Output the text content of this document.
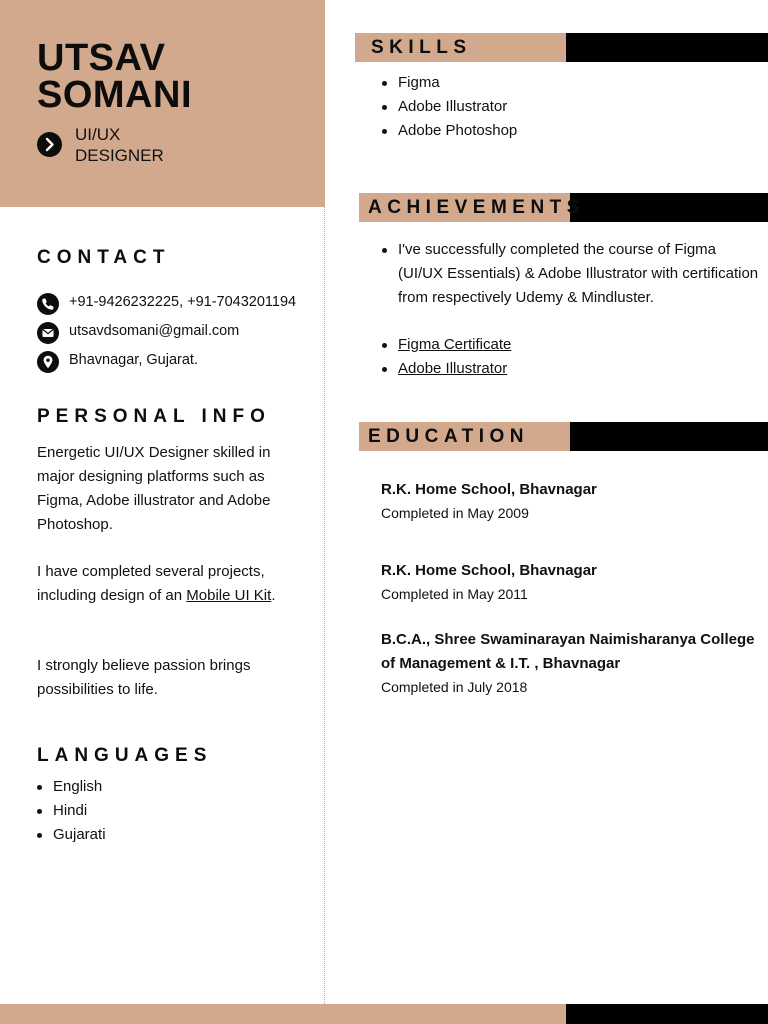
UTSAV
SOMANI
UI/UX
DESIGNER
CONTACT
+91-9426232225, +91-7043201194
utsavdsomani@gmail.com
Bhavnagar, Gujarat.
PERSONAL INFO
Energetic UI/UX Designer skilled in major designing platforms such as Figma, Adobe illustrator and Adobe Photoshop.
I have completed several projects, including design of an Mobile UI Kit.
I strongly believe passion brings possibilities to life.
LANGUAGES
English
Hindi
Gujarati
SKILLS
Figma
Adobe Illustrator
Adobe Photoshop
ACHIEVEMENTS
I've successfully completed the course of Figma (UI/UX Essentials) & Adobe Illustrator with certification from respectively Udemy & Mindluster.
Figma Certificate
Adobe Illustrator
EDUCATION
R.K. Home School, Bhavnagar
Completed in May 2009
R.K. Home School, Bhavnagar
Completed in May 2011
B.C.A., Shree Swaminarayan Naimisharanya College of Management & I.T. , Bhavnagar
Completed in July 2018
